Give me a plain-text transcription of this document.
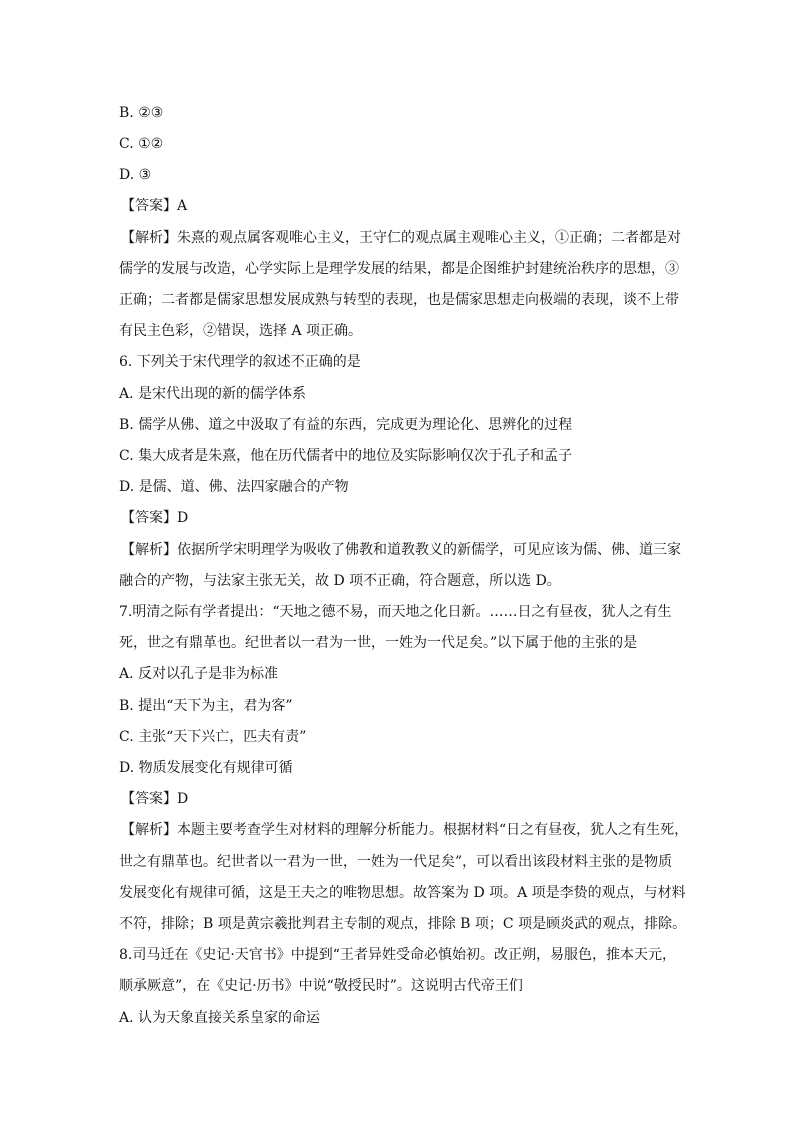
B. ②③
C. ①②
D. ③
【答案】A
【解析】朱熹的观点属客观唯心主义，王守仁的观点属主观唯心主义，①正确；二者都是对
儒学的发展与改造，心学实际上是理学发展的结果，都是企图维护封建统治秩序的思想，③
正确；二者都是儒家思想发展成熟与转型的表现，也是儒家思想走向极端的表现，谈不上带
有民主色彩，②错误，选择 A 项正确。
6. 下列关于宋代理学的叙述不正确的是
A. 是宋代出现的新的儒学体系
B. 儒学从佛、道之中汲取了有益的东西，完成更为理论化、思辨化的过程
C. 集大成者是朱熹，他在历代儒者中的地位及实际影响仅次于孔子和孟子
D. 是儒、道、佛、法四家融合的产物
【答案】D
【解析】依据所学宋明理学为吸收了佛教和道教教义的新儒学，可见应该为儒、佛、道三家
融合的产物，与法家主张无关，故 D 项不正确，符合题意，所以选 D。
7.明清之际有学者提出：“天地之德不易，而天地之化日新。……日之有昼夜，犹人之有生
死，世之有鼎革也。纪世者以一君为一世，一姓为一代足矣。”以下属于他的主张的是
A. 反对以孔子是非为标准
B. 提出“天下为主，君为客”
C. 主张“天下兴亡，匹夫有责”
D. 物质发展变化有规律可循
【答案】D
【解析】本题主要考查学生对材料的理解分析能力。根据材料“日之有昼夜，犹人之有生死，
世之有鼎革也。纪世者以一君为一世，一姓为一代足矣”，可以看出该段材料主张的是物质
发展变化有规律可循，这是王夫之的唯物思想。故答案为 D 项。A 项是李贽的观点，与材料
不符，排除；B 项是黄宗羲批判君主专制的观点，排除 B 项；C 项是顾炎武的观点，排除。
8.司马迁在《史记·天官书》中提到“王者异姓受命必慎始初。改正朔，易服色，推本天元，
顺承厥意”，在《史记·历书》中说“敬授民时”。这说明古代帝王们
A. 认为天象直接关系皇家的命运
